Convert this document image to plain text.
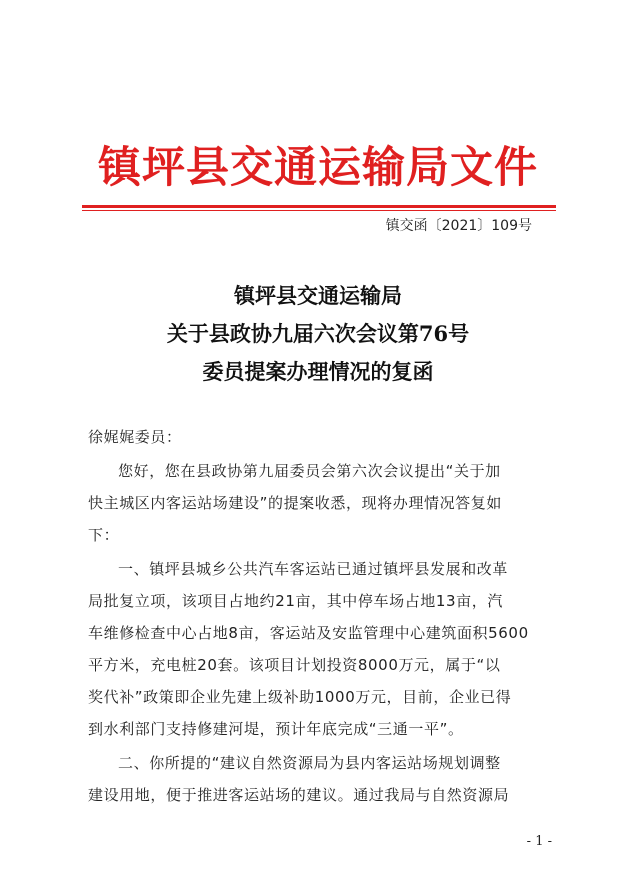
镇坪县交通运输局文件
镇交函〔2021〕109号
镇坪县交通运输局
关于县政协九届六次会议第76号
委员提案办理情况的复函
徐娓娓委员：
您好，您在县政协第九届委员会第六次会议提出“关于加
快主城区内客运站场建设”的提案收悉，现将办理情况答复如
下：
一、镇坪县城乡公共汽车客运站已通过镇坪县发展和改革
局批复立项，该项目占地约21亩，其中停车场占地13亩，汽
车维修检查中心占地8亩，客运站及安监管理中心建筑面积5600
平方米，充电桩20套。该项目计划投资8000万元，属于“以
奖代补”政策即企业先建上级补助1000万元，目前，企业已得
到水利部门支持修建河堤，预计年底完成“三通一平”。
二、你所提的“建议自然资源局为县内客运站场规划调整
建设用地，便于推进客运站场的建议。通过我局与自然资源局
- 1 -
